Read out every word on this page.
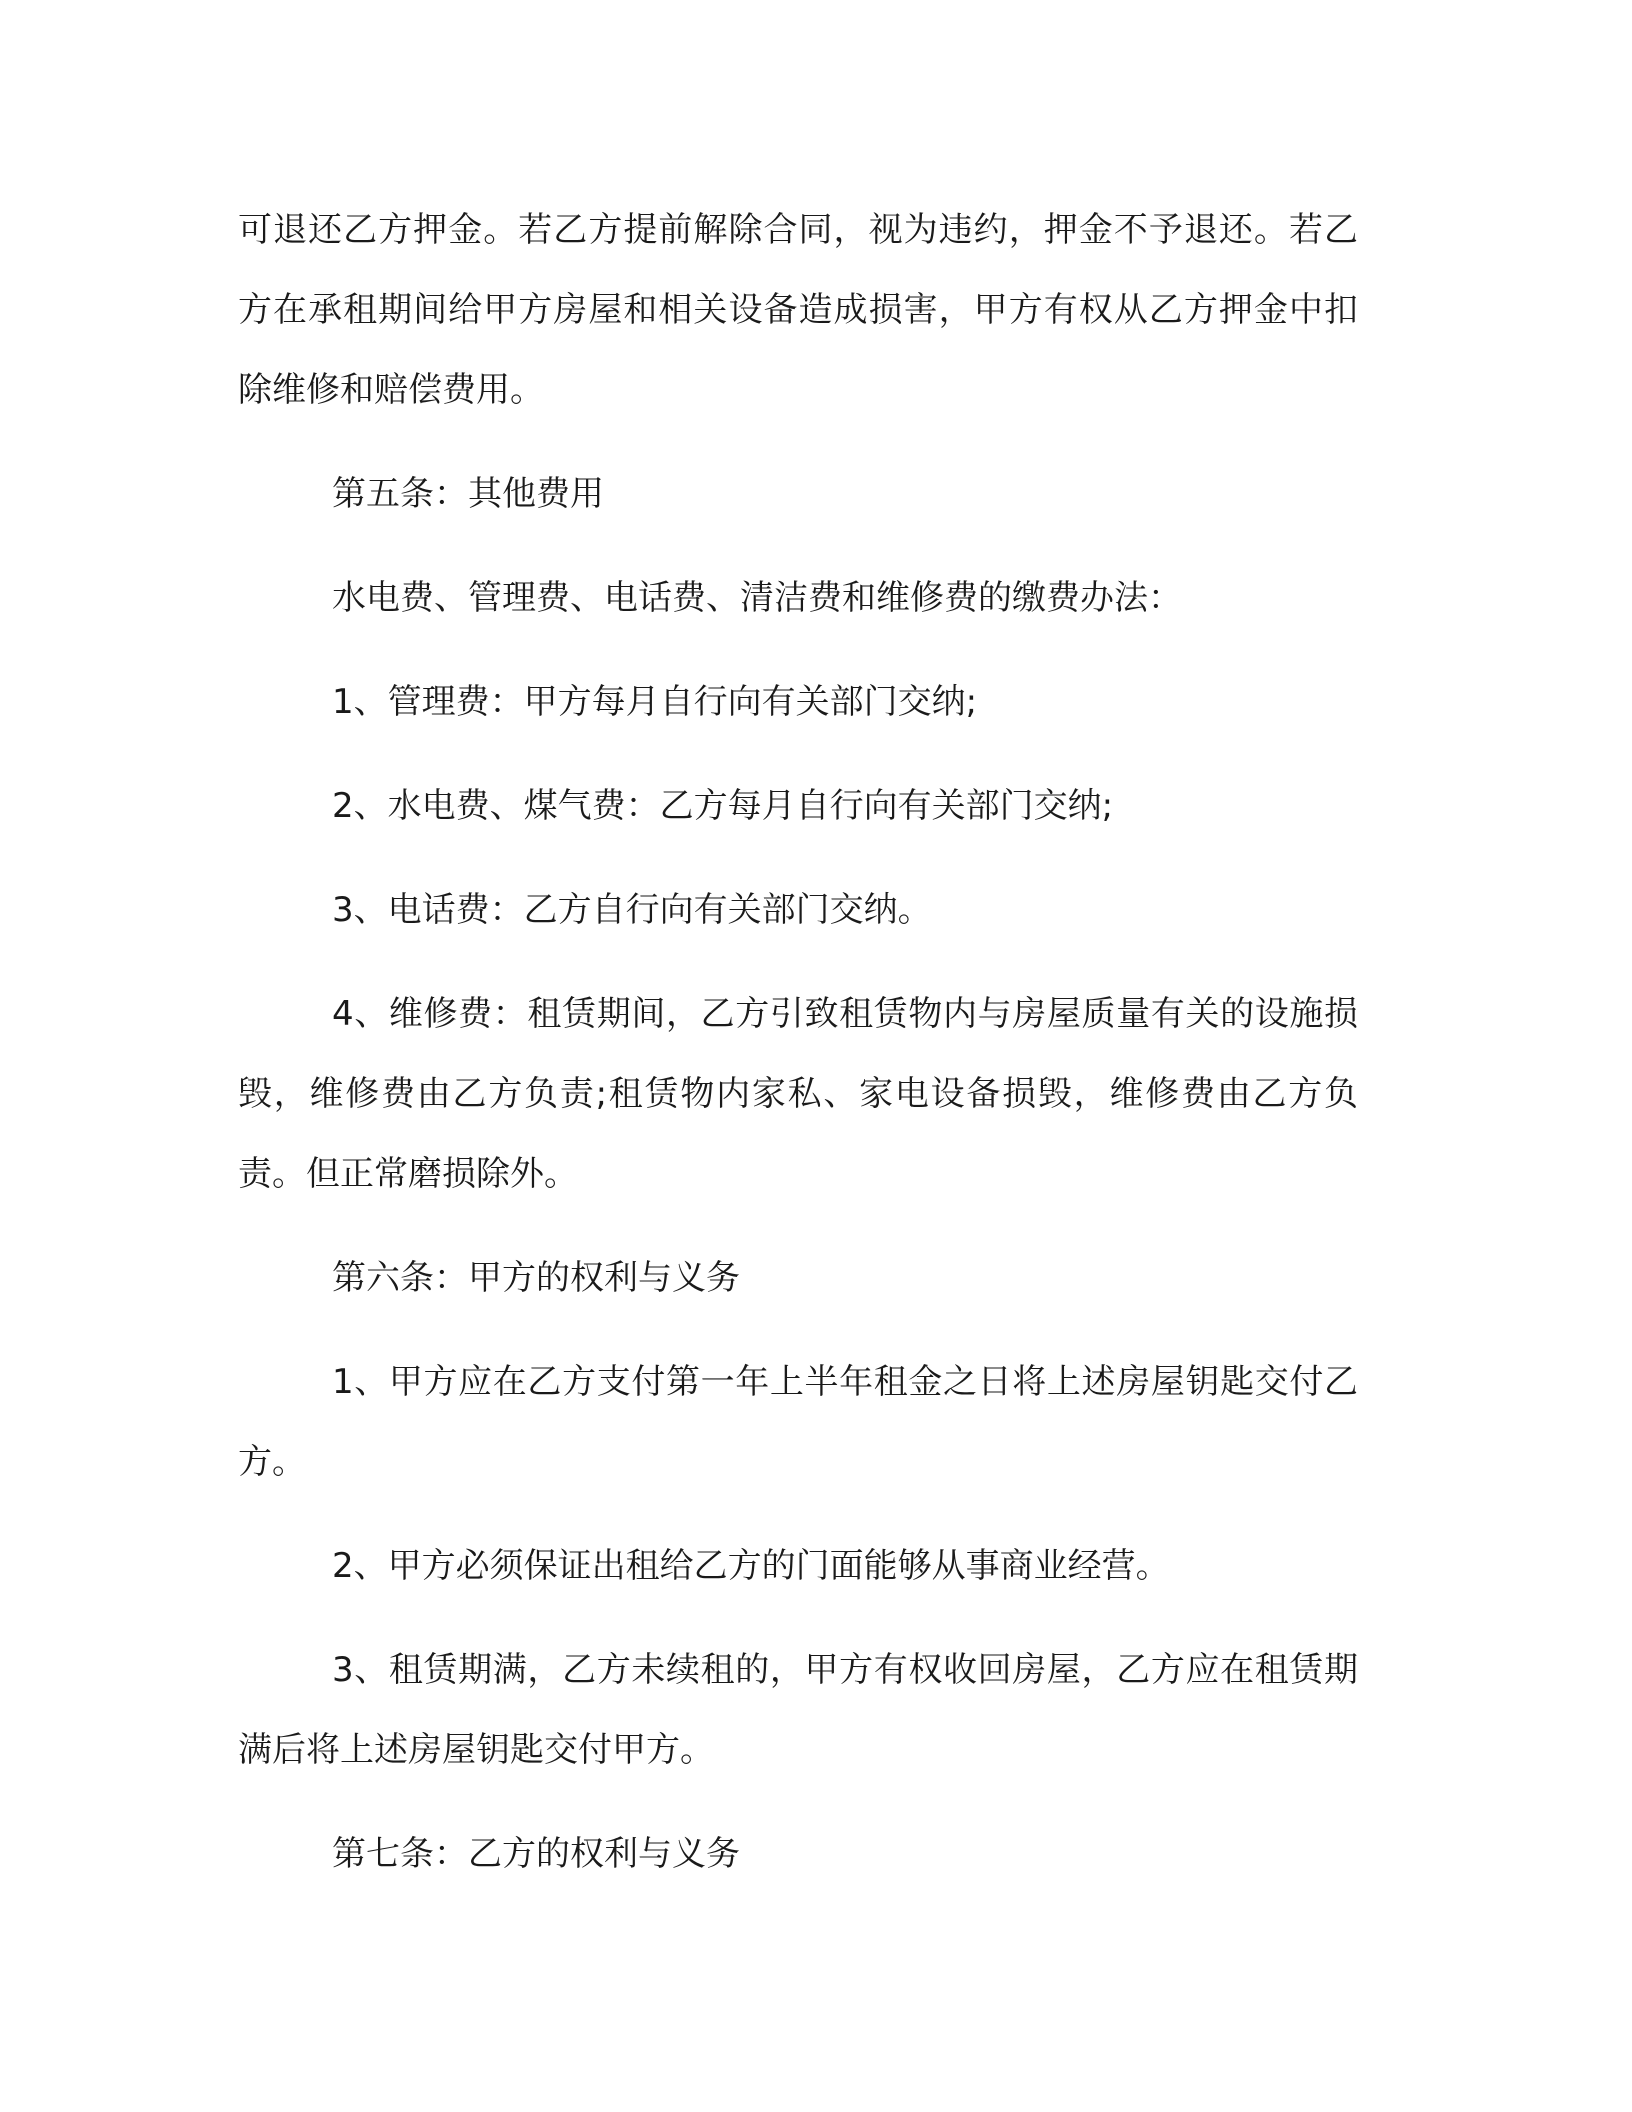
可退还乙方押金。若乙方提前解除合同，视为违约，押金不予退还。若乙方在承租期间给甲方房屋和相关设备造成损害，甲方有权从乙方押金中扣除维修和赔偿费用。

第五条：其他费用

水电费、管理费、电话费、清洁费和维修费的缴费办法：

1、管理费：甲方每月自行向有关部门交纳;

2、水电费、煤气费：乙方每月自行向有关部门交纳;

3、电话费：乙方自行向有关部门交纳。

4、维修费：租赁期间，乙方引致租赁物内与房屋质量有关的设施损毁，维修费由乙方负责;租赁物内家私、家电设备损毁，维修费由乙方负责。但正常磨损除外。

第六条：甲方的权利与义务

1、甲方应在乙方支付第一年上半年租金之日将上述房屋钥匙交付乙方。

2、甲方必须保证出租给乙方的门面能够从事商业经营。

3、租赁期满，乙方未续租的，甲方有权收回房屋，乙方应在租赁期满后将上述房屋钥匙交付甲方。

第七条：乙方的权利与义务
